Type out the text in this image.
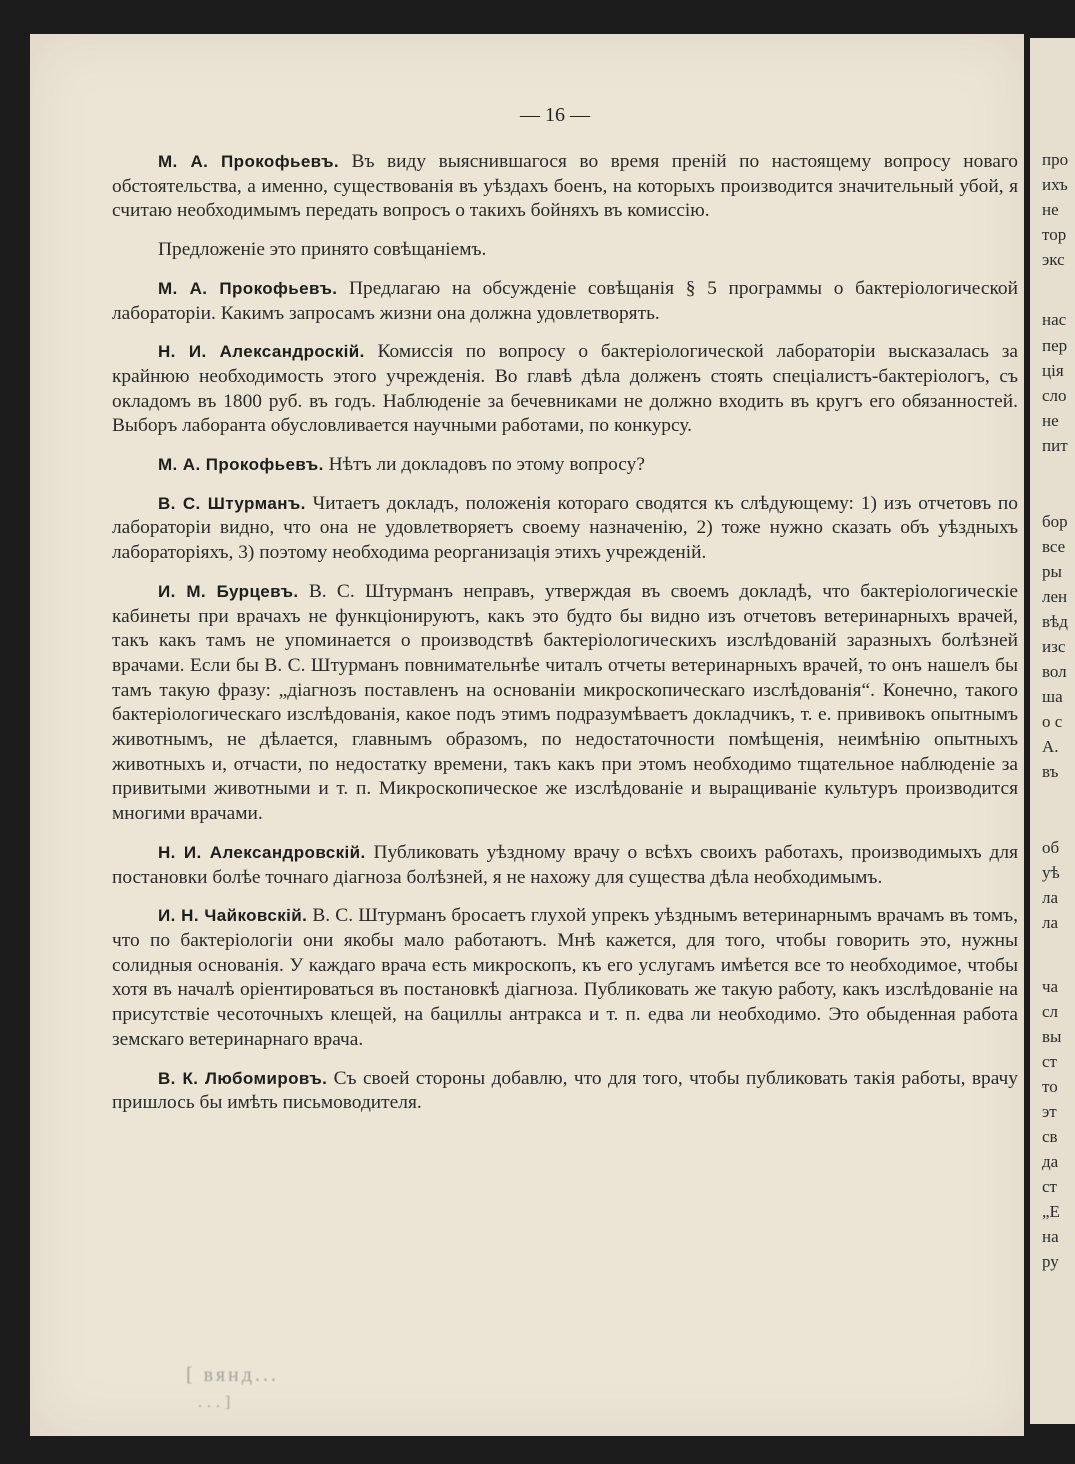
про
ихъ
не
тор
экс
нас
пер
ція
сло
не
пит
бор
все
ры
лен
вѣд
изс
вол
ша
о с
А.
въ
об
уѣ
ла
ла
ча
сл
вы
ст
то
эт
св
да
ст
„Е
на
ру
— 16 —

М. А. Прокофьевъ. Въ виду выяснившагося во время преній по настоящему вопросу новаго обстоятельства, а именно, существованія въ уѣздахъ боенъ, на которыхъ производится значительный убой, я считаю необходимымъ передать вопросъ о такихъ бойняхъ въ комиссію.

Предложеніе это принято совѣщаніемъ.

М. А. Прокофьевъ. Предлагаю на обсужденіе совѣщанія § 5 программы о бактеріологической лабораторіи. Какимъ запросамъ жизни она должна удовлетворять.

Н. И. Александроскій. Комиссія по вопросу о бактеріологической лабораторіи высказалась за крайнюю необходимость этого учрежденія. Во главѣ дѣла долженъ стоять спеціалистъ-бактеріологъ, съ окладомъ въ 1800 руб. въ годъ. Наблюденіе за бечевниками не должно входить въ кругъ его обязанностей. Выборъ лаборанта обусловливается научными работами, по конкурсу.

М. А. Прокофьевъ. Нѣтъ ли докладовъ по этому вопросу?

В. С. Штурманъ. Читаетъ докладъ, положенія котораго сводятся къ слѣдующему: 1) изъ отчетовъ по лабораторіи видно, что она не удовлетворяетъ своему назначенію, 2) тоже нужно сказать объ уѣздныхъ лабораторіяхъ, 3) поэтому необходима реорганизація этихъ учрежденій.

И. М. Бурцевъ. В. С. Штурманъ неправъ, утверждая въ своемъ докладѣ, что бактеріологическіе кабинеты при врачахъ не функціонируютъ, какъ это будто бы видно изъ отчетовъ ветеринарныхъ врачей, такъ какъ тамъ не упоминается о производствѣ бактеріологическихъ изслѣдованій заразныхъ болѣзней врачами. Если бы В. С. Штурманъ повнимательнѣе читалъ отчеты ветеринарныхъ врачей, то онъ нашелъ бы тамъ такую фразу: „діагнозъ поставленъ на основаніи микроскопическаго изслѣдованія“. Конечно, такого бактеріологическаго изслѣдованія, какое подъ этимъ подразумѣваетъ докладчикъ, т. е. прививокъ опытнымъ животнымъ, не дѣлается, главнымъ образомъ, по недостаточности помѣщенія, неимѣнію опытныхъ животныхъ и, отчасти, по недостатку времени, такъ какъ при этомъ необходимо тщательное наблюденіе за привитыми животными и т. п. Микроскопическое же изслѣдованіе и выращиваніе культуръ производится многими врачами.

Н. И. Александровскій. Публиковать уѣздному врачу о всѣхъ своихъ работахъ, производимыхъ для постановки болѣе точнаго діагноза болѣзней, я не нахожу для существа дѣла необходимымъ.

И. Н. Чайковскій. В. С. Штурманъ бросаетъ глухой упрекъ уѣзднымъ ветеринарнымъ врачамъ въ томъ, что по бактеріологіи они якобы мало работаютъ. Мнѣ кажется, для того, чтобы говорить это, нужны солидныя основанія. У каждаго врача есть микроскопъ, къ его услугамъ имѣется все то необходимое, чтобы хотя въ началѣ оріентироваться въ постановкѣ діагноза. Публиковать же такую работу, какъ изслѣдованіе на присутствіе чесоточныхъ клещей, на бациллы антракса и т. п. едва ли необходимо. Это обыденная работа земскаго ветеринарнаго врача.

В. К. Любомировъ. Съ своей стороны добавлю, что для того, чтобы публиковать такія работы, врачу пришлось бы имѣть письмоводителя.

[ вянд...
...]
